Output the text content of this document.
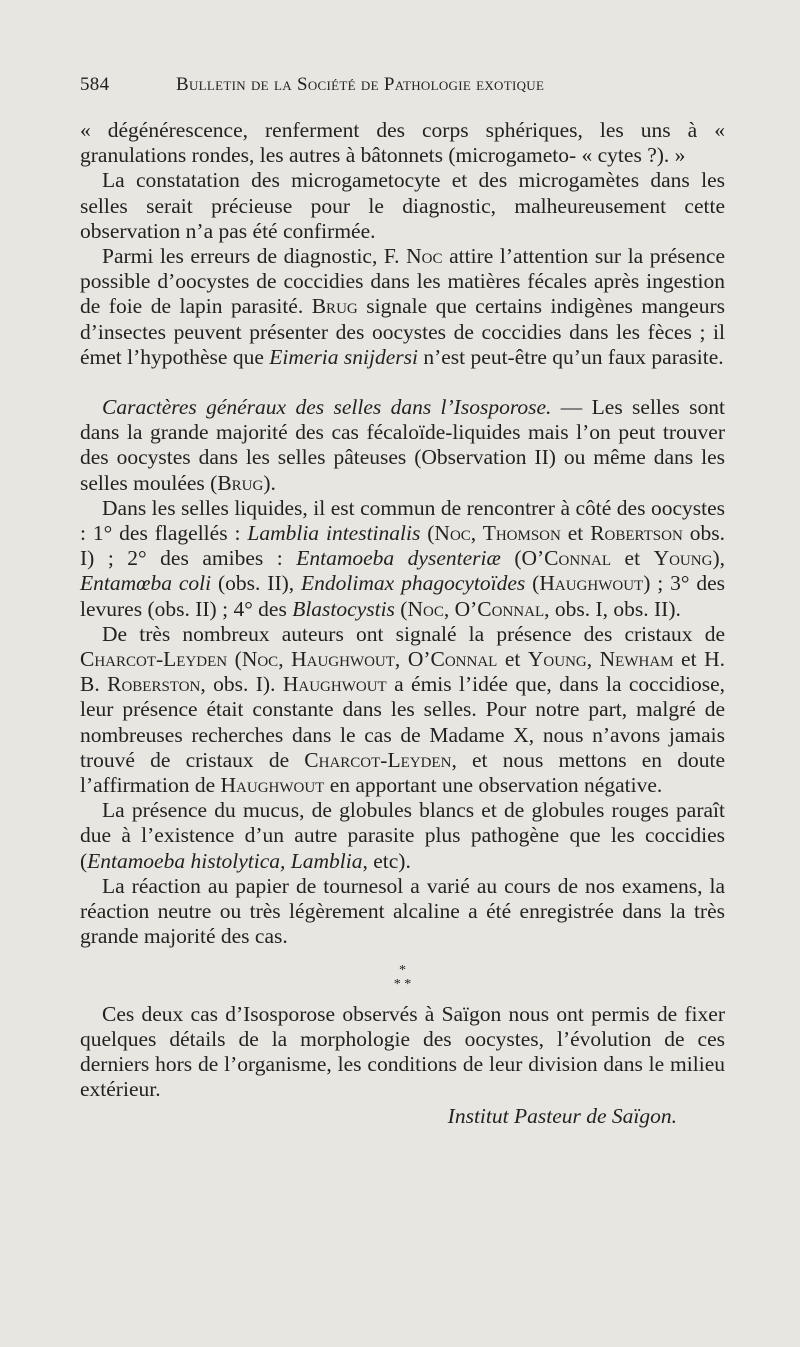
584	Bulletin de la Société de Pathologie exotique

« dégénérescence, renferment des corps sphériques, les uns à « granulations rondes, les autres à bâtonnets (microgameto- « cytes ?). »

La constatation des microgametocyte et des microgamètes dans les selles serait précieuse pour le diagnostic, malheureusement cette observation n’a pas été confirmée.

Parmi les erreurs de diagnostic, F. Noc attire l’attention sur la présence possible d’oocystes de coccidies dans les matières fécales après ingestion de foie de lapin parasité. Brug signale que certains indigènes mangeurs d’insectes peuvent présenter des oocystes de coccidies dans les fèces ; il émet l’hypothèse que Eimeria snijdersi n’est peut-être qu’un faux parasite.

Caractères généraux des selles dans l’Isosporose. — Les selles sont dans la grande majorité des cas fécaloïde-liquides mais l’on peut trouver des oocystes dans les selles pâteuses (Observation II) ou même dans les selles moulées (Brug).

Dans les selles liquides, il est commun de rencontrer à côté des oocystes : 1° des flagellés : Lamblia intestinalis (Noc, Thomson et Robertson obs. I) ; 2° des amibes : Entamoeba dysenteriæ (O’Connal et Young), Entamœba coli (obs. II), Endolimax phagocytoïdes (Haughwout) ; 3° des levures (obs. II) ; 4° des Blastocystis (Noc, O’Connal, obs. I, obs. II).

De très nombreux auteurs ont signalé la présence des cristaux de Charcot-Leyden (Noc, Haughwout, O’Connal et Young, Newham et H. B. Roberston, obs. I). Haughwout a émis l’idée que, dans la coccidiose, leur présence était constante dans les selles. Pour notre part, malgré de nombreuses recherches dans le cas de Madame X, nous n’avons jamais trouvé de cristaux de Charcot-Leyden, et nous mettons en doute l’affirmation de Haughwout en apportant une observation négative.

La présence du mucus, de globules blancs et de globules rouges paraît due à l’existence d’un autre parasite plus pathogène que les coccidies (Entamoeba histolytica, Lamblia, etc).

La réaction au papier de tournesol a varié au cours de nos examens, la réaction neutre ou très légèrement alcaline a été enregistrée dans la très grande majorité des cas.

*
* *

Ces deux cas d’Isosporose observés à Saïgon nous ont permis de fixer quelques détails de la morphologie des oocystes, l’évolution de ces derniers hors de l’organisme, les conditions de leur division dans le milieu extérieur.

Institut Pasteur de Saïgon.
